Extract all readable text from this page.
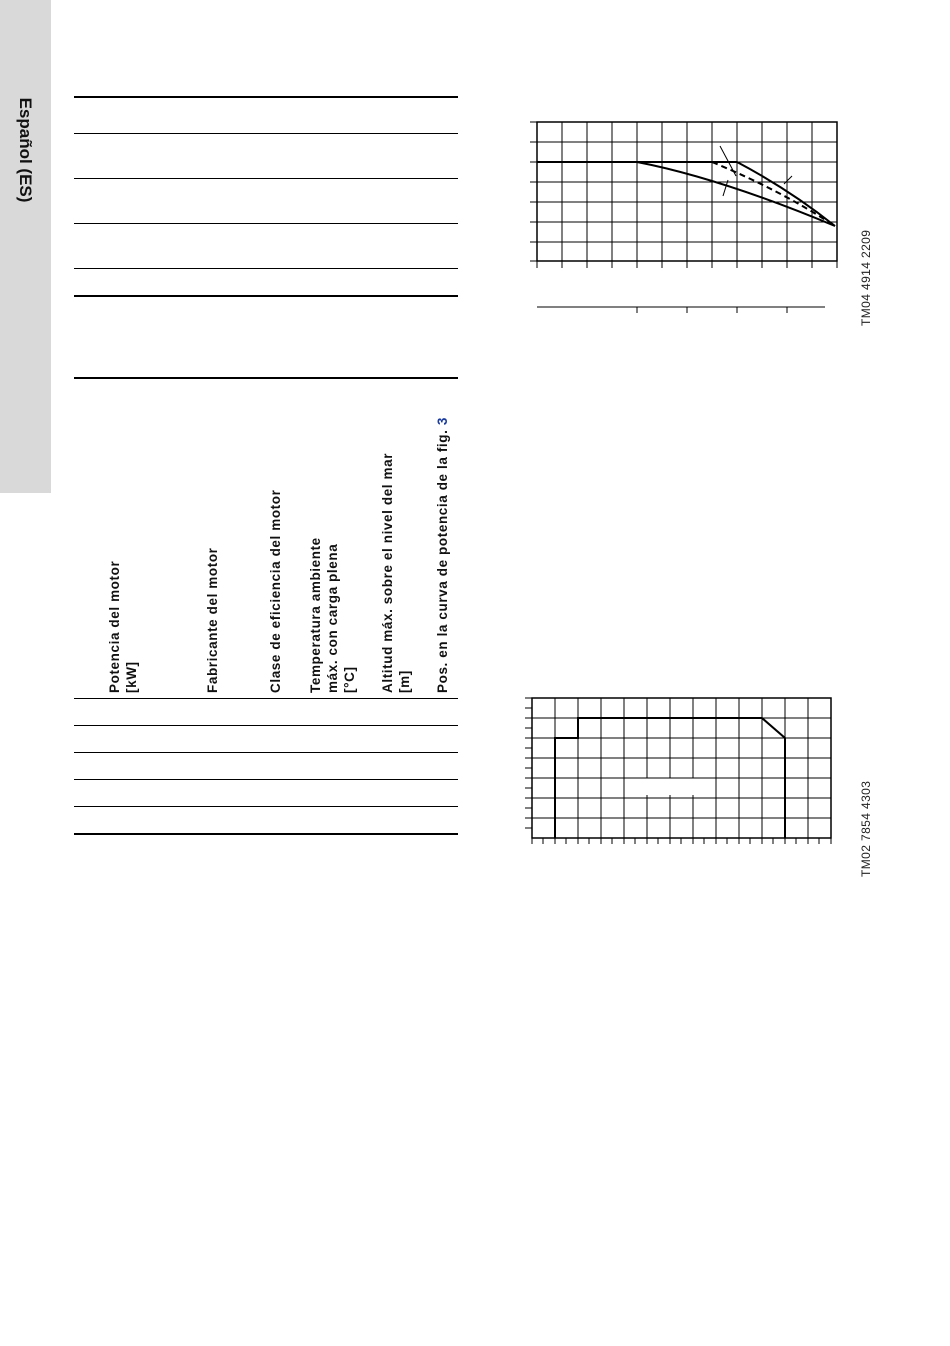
Español (ES)
Potencia del motor [kW]	Fabricante del motor	Clase de eficiencia del motor Temperatura ambiente máx. con carga plena [°C] Altitud máx. sobre el nivel del mar [m] Pos. en la curva de potencia de la fig. 3
TM04 4914 2209
TM02 7854 4303
